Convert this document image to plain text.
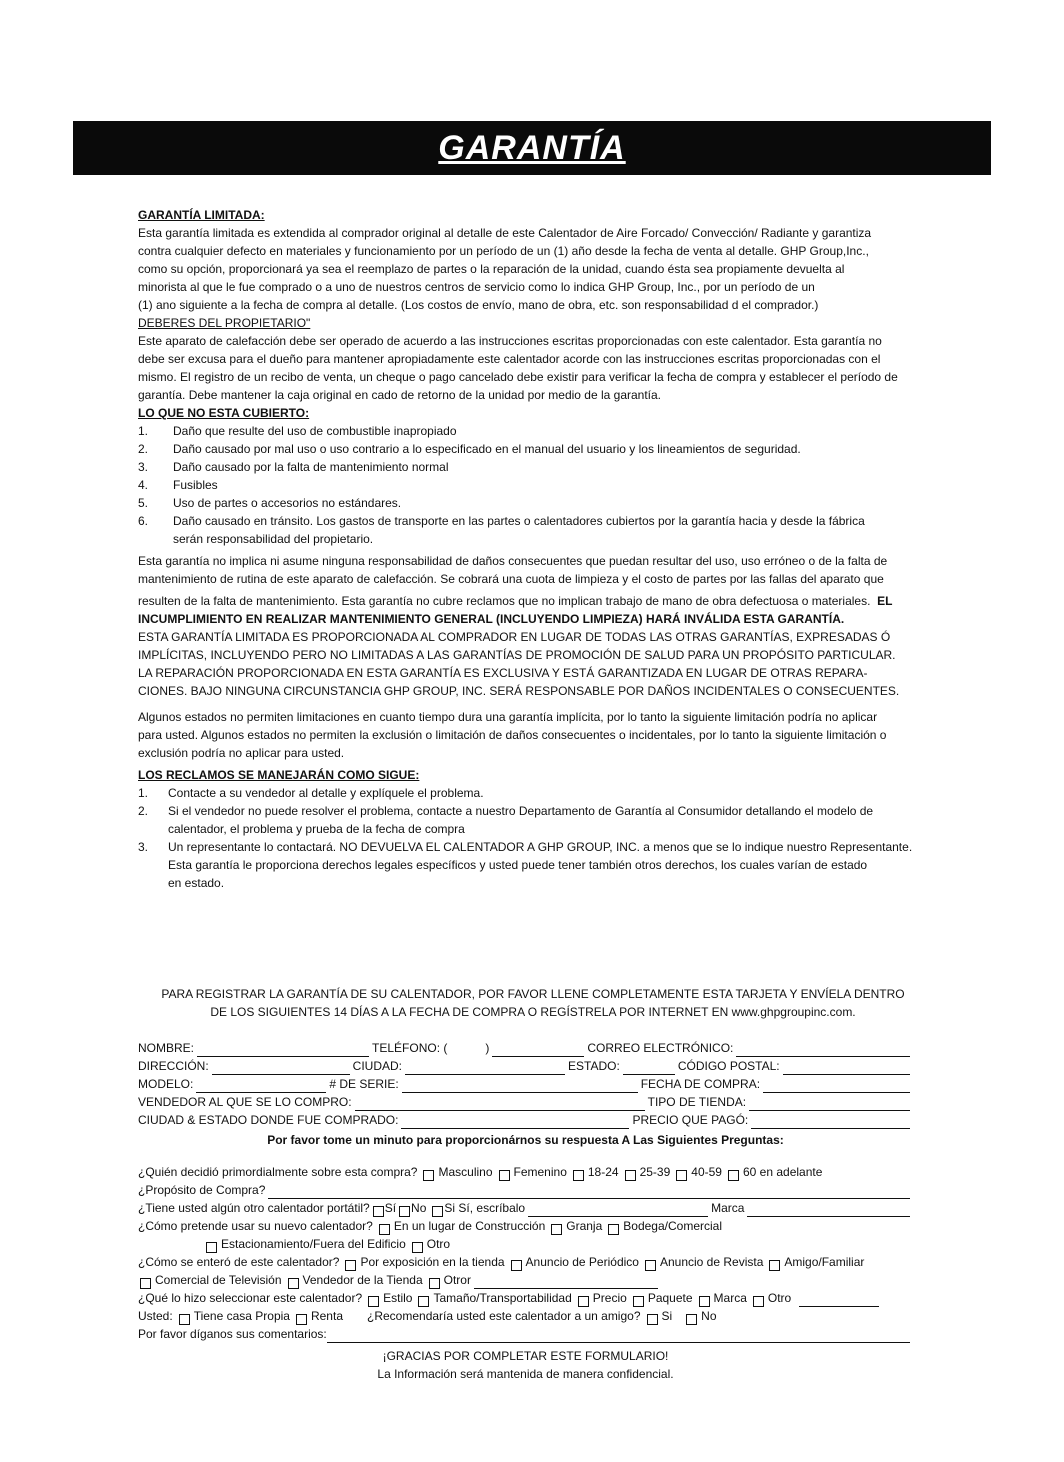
GARANTÍA

GARANTÍA LIMITADA:

Esta garantía limitada es extendida al comprador original al detalle de este Calentador de Aire Forcado/ Convección/ Radiante y garantiza

contra cualquier defecto en materiales y funcionamiento por un período de un (1) año desde la fecha de venta al detalle. GHP Group,Inc.,

como su opción, proporcionará ya sea el reemplazo de partes o la reparación de la unidad, cuando ésta sea propiamente devuelta al

minorista al que le fue comprado o a uno de nuestros centros de servicio como lo indica GHP Group, Inc., por un período de un

(1) ano siguiente a la fecha de compra al detalle. (Los costos de envío, mano de obra, etc. son responsabilidad d el comprador.)

DEBERES DEL PROPIETARIO"

Este aparato de calefacción debe ser operado de acuerdo a las instrucciones escritas proporcionadas con este calentador. Esta garantía no

debe ser excusa para el dueño para mantener apropiadamente este calentador acorde con las instrucciones escritas proporcionadas con el

mismo. El registro de un recibo de venta, un cheque o pago cancelado debe existir para verificar la fecha de compra y establecer el período de

garantía. Debe mantener la caja original en cado de retorno de la unidad por medio de la garantía.

LO QUE NO ESTA CUBIERTO:

1.	Daño que resulte del uso de combustible inapropiado
2.	Daño causado por mal uso o uso contrario a lo especificado en el manual del usuario y los lineamientos de seguridad.
3.	Daño causado por la falta de mantenimiento normal
4.	Fusibles
5.	Uso de partes o accesorios no estándares.
6.	Daño causado en tránsito. Los gastos de transporte en las partes o calentadores cubiertos por la garantía hacia y desde la fábrica
serán responsabilidad del propietario.

Esta garantía no implica ni asume ninguna responsabilidad de daños consecuentes que puedan resultar del uso, uso erróneo o de la falta de

mantenimiento de rutina de este aparato de calefacción. Se cobrará una cuota de limpieza y el costo de partes por las fallas del aparato que

resulten de la falta de mantenimiento. Esta garantía no cubre reclamos que no implican trabajo de mano de obra defectuosa o materiales. EL

INCUMPLIMIENTO EN REALIZAR MANTENIMIENTO GENERAL (INCLUYENDO LIMPIEZA) HARÁ INVÁLIDA ESTA GARANTÍA.

ESTA GARANTÍA LIMITADA ES PROPORCIONADA AL COMPRADOR EN LUGAR DE TODAS LAS OTRAS GARANTÍAS, EXPRESADAS Ó

IMPLÍCITAS, INCLUYENDO PERO NO LIMITADAS A LAS GARANTÍAS DE PROMOCIÓN DE SALUD PARA UN PROPÓSITO PARTICULAR.

LA REPARACIÓN PROPORCIONADA EN ESTA GARANTÍA ES EXCLUSIVA Y ESTÁ GARANTIZADA EN LUGAR DE OTRAS REPARA-

CIONES. BAJO NINGUNA CIRCUNSTANCIA GHP GROUP, INC. SERÁ RESPONSABLE POR DAÑOS INCIDENTALES O CONSECUENTES.

Algunos estados no permiten limitaciones en cuanto tiempo dura una garantía implícita, por lo tanto la siguiente limitación podría no aplicar

para usted. Algunos estados no permiten la exclusión o limitación de daños consecuentes o incidentales, por lo tanto la siguiente limitación o

exclusión podría no aplicar para usted.

LOS RECLAMOS SE MANEJARÁN COMO SIGUE:

1.	Contacte a su vendedor al detalle y explíquele el problema.
2.	Si el vendedor no puede resolver el problema, contacte a nuestro Departamento de Garantía al Consumidor detallando el modelo de
calentador, el problema y prueba de la fecha de compra
3.	Un representante lo contactará. NO DEVUELVA EL CALENTADOR A GHP GROUP, INC. a menos que se lo indique nuestro Representante.
Esta garantía le proporciona derechos legales específicos y usted puede tener también otros derechos, los cuales varían de estado
en estado.

PARA REGISTRAR LA GARANTÍA DE SU CALENTADOR, POR FAVOR LLENE COMPLETAMENTE ESTA TARJETA Y ENVÍELA DENTRO

DE LOS SIGUIENTES 14 DÍAS A LA FECHA DE COMPRA O REGÍSTRELA POR INTERNET EN www.ghpgroupinc.com.

NOMBRE:	TELÉFONO: (	)	CORREO ELECTRÓNICO:
DIRECCIÓN:	CIUDAD:	ESTADO:	CÓDIGO POSTAL:
MODELO:	# DE SERIE:	FECHA DE COMPRA:
VENDEDOR AL QUE SE LO COMPRO:	TIPO DE TIENDA:
CIUDAD & ESTADO DONDE FUE COMPRADO:	PRECIO QUE PAGÓ:

Por favor tome un minuto para proporcionárnos su respuesta A Las Siguientes Preguntas:

¿Quién decidió primordialmente sobre esta compra? Masculino Femenino 18-24 25-39 40-59 60 en adelante
¿Propósito de Compra?
¿Tiene usted algún otro calentador portátil? Sí No Si Sí, escríbalo	Marca
¿Cómo pretende usar su nuevo calentador? En un lugar de Construcción Granja Bodega/Comercial
Estacionamiento/Fuera del Edificio Otro
¿Cómo se enteró de este calentador? Por exposición en la tienda Anuncio de Periódico Anuncio de Revista Amigo/Familiar
Comercial de Televisión Vendedor de la Tienda Otror
¿Qué lo hizo seleccionar este calentador? Estilo Tamaño/Transportabilidad Precio Paquete Marca Otro
Usted: Tiene casa Propia Renta ¿Recomendaría usted este calentador a un amigo? Si No
Por favor díganos sus comentarios:

¡GRACIAS POR COMPLETAR ESTE FORMULARIO!

La Información será mantenida de manera confidencial.
